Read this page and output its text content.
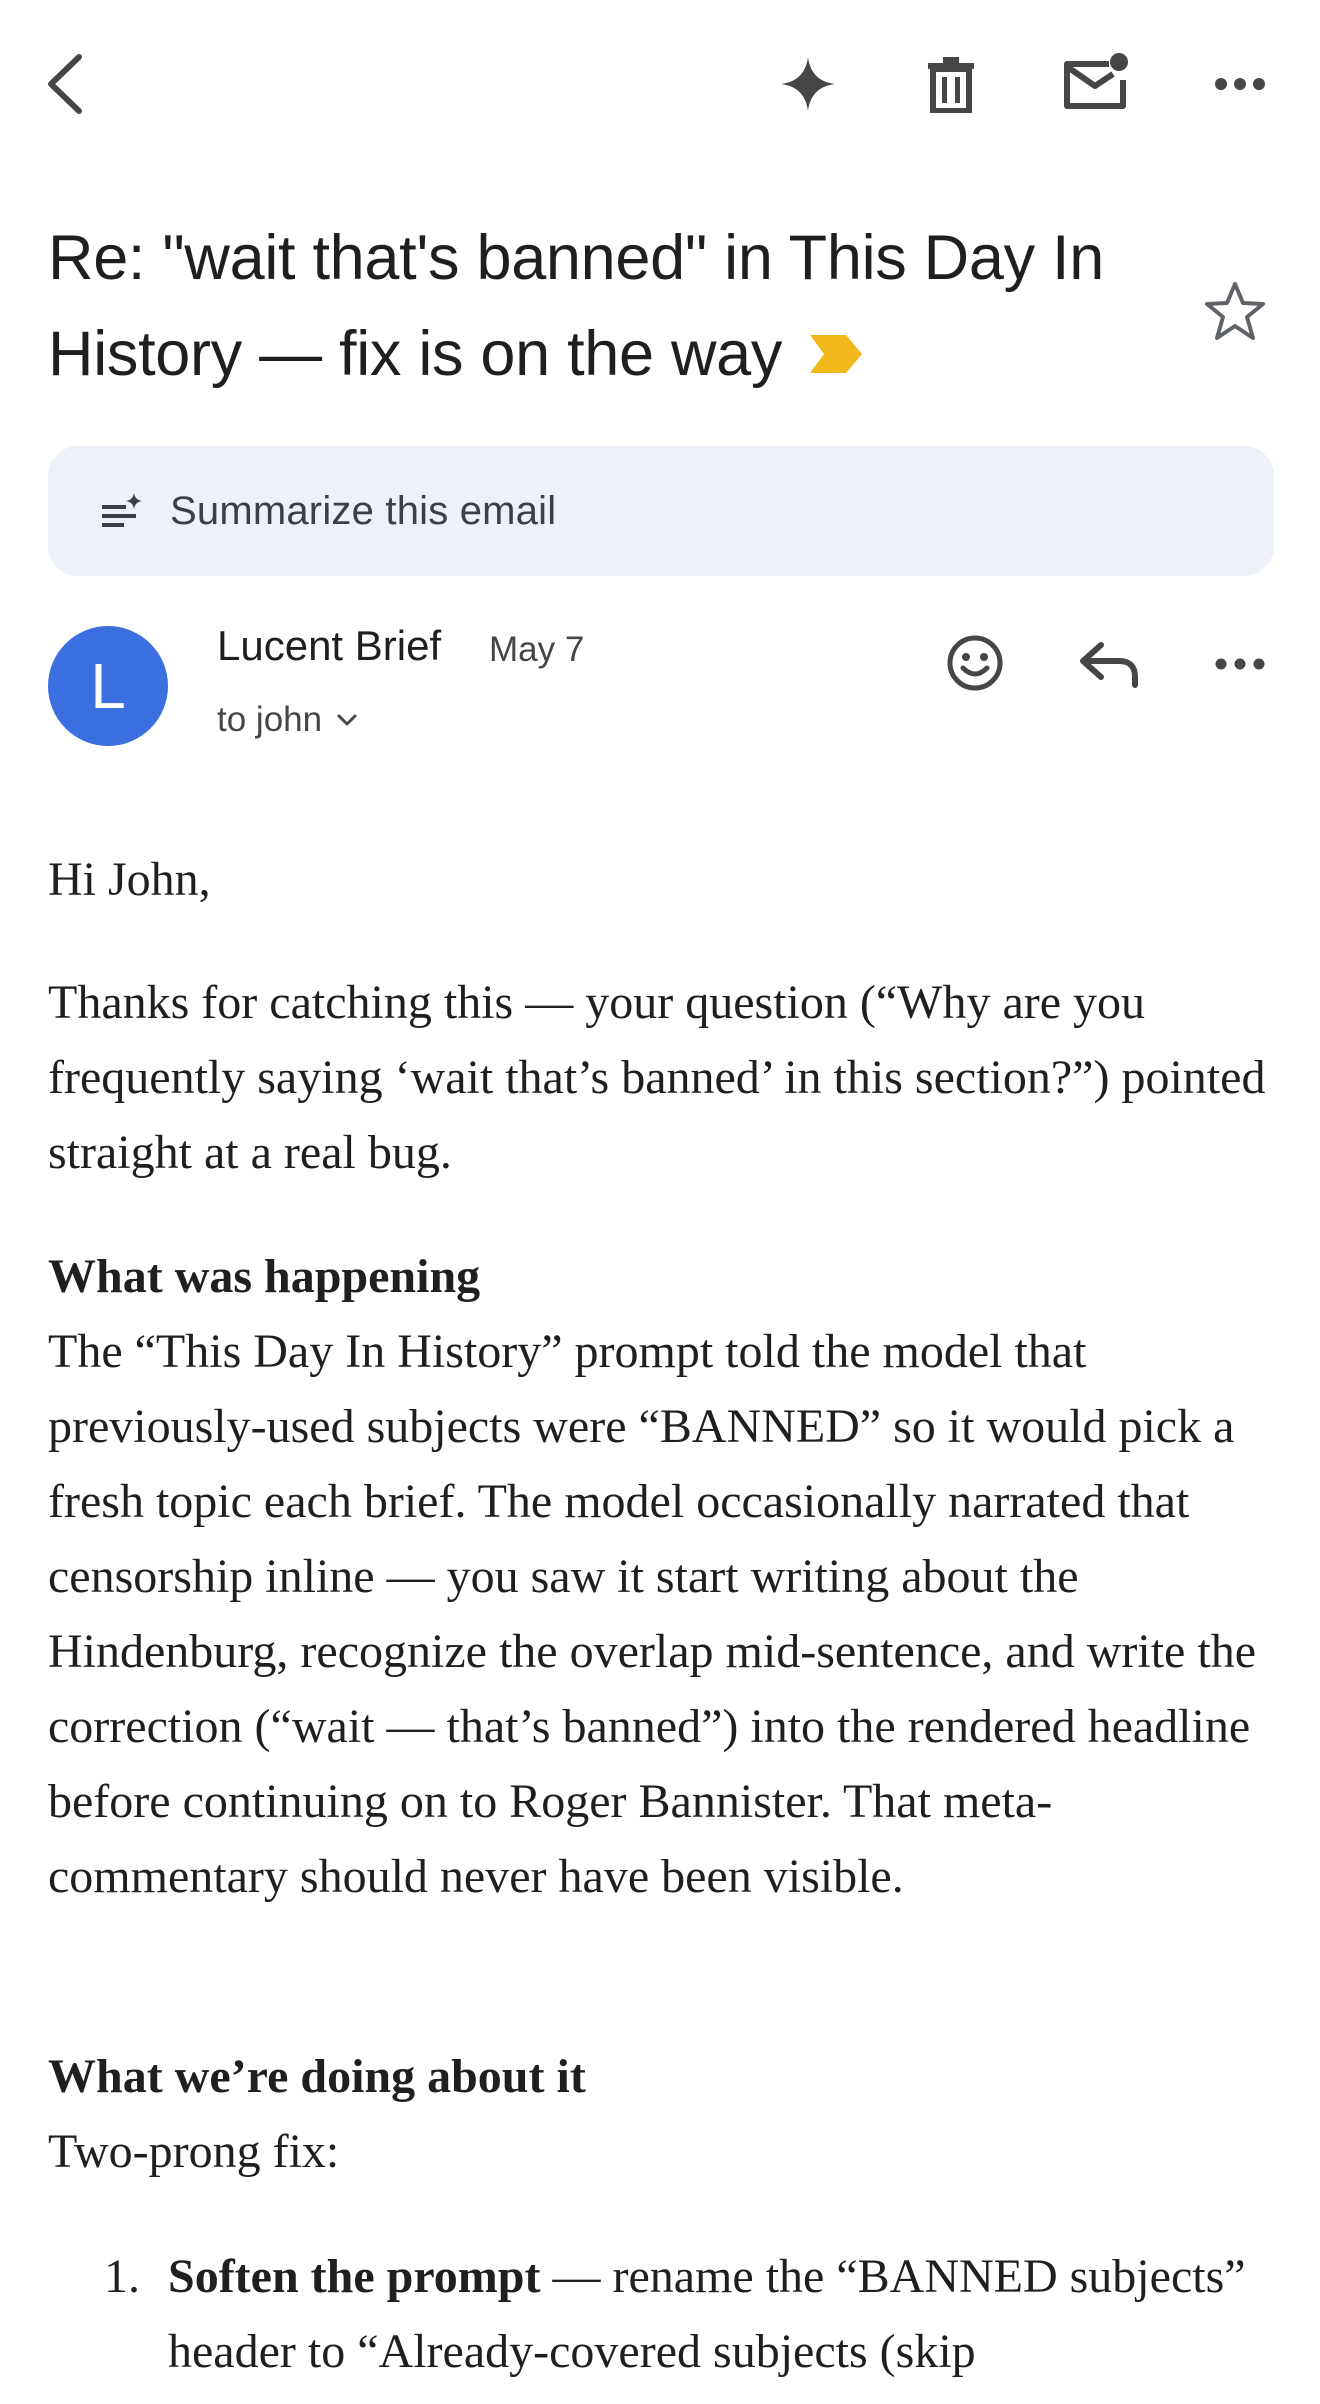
Re: "wait that's banned" in This Day In History — fix is on the way
Summarize this email
L
Lucent Brief May 7
to john

Hi John,

Thanks for catching this — your question (“Why are you frequently saying ‘wait that’s banned’ in this section?”) pointed straight at a real bug.

What was happening

The “This Day In History” prompt told the model that previously-used subjects were “BANNED” so it would pick a fresh topic each brief. The model occasionally narrated that censorship inline — you saw it start writing about the Hindenburg, recognize the overlap mid-sentence, and write the correction (“wait — that’s banned”) into the rendered headline before continuing on to Roger Bannister. That meta-commentary should never have been visible.

What we’re doing about it

Two-prong fix:

1. Soften the prompt — rename the “BANNED subjects” header to “Already-covered subjects (skip
